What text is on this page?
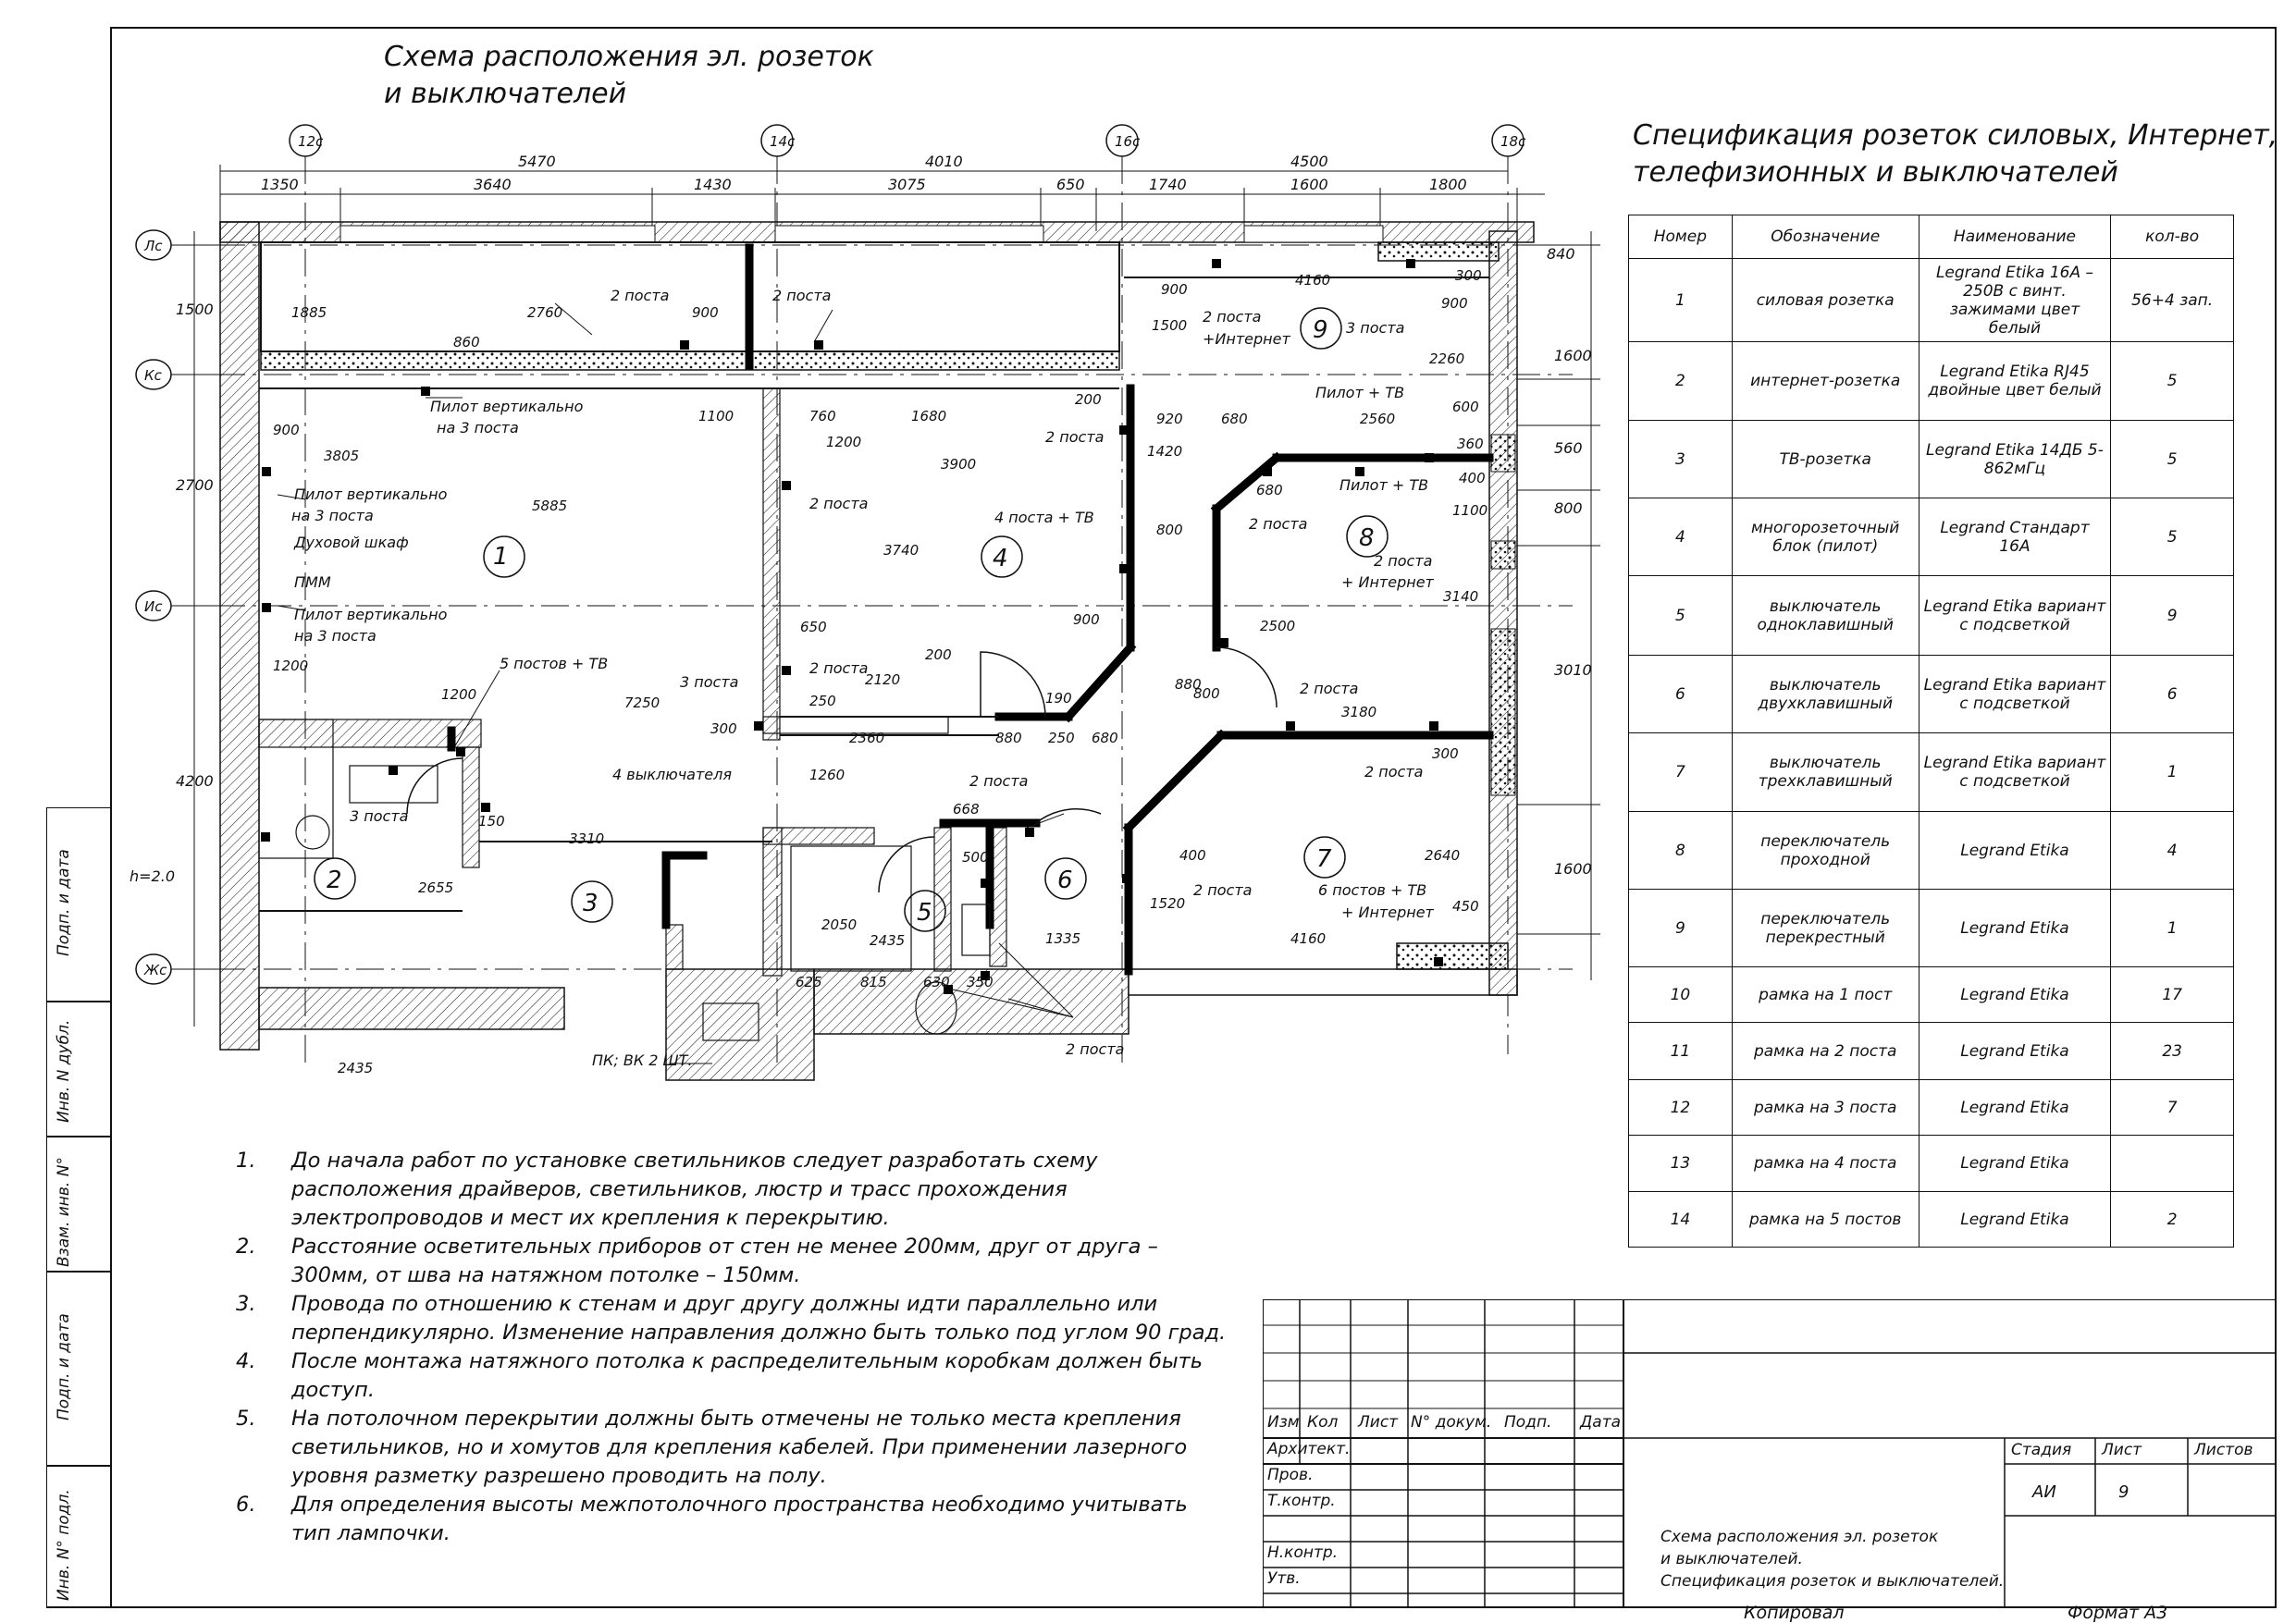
12с	14с	16с	18с
Лс
Кс
Ис
Жс
5470	4010	4500
1350	3640	1430	3075	650	1740	1600	1800
1500
2700
4200
840
1600
560
800
3010
1600
1
2
3
4
5
6
7
8
9
2 поста	2 поста
2 поста
+Интернет
3 поста
Пилот вертикально
на 3 поста
Пилот вертикально
на 3 поста
Духовой шкаф
ПММ
Пилот вертикально
на 3 поста
5 постов + ТВ
3 поста
4 выключателя
3 поста
h=2.0
ПК; ВК 2 ШТ.
2 поста
2 поста
4 поста + ТВ
2 поста
Пилот + ТВ
Пилот + ТВ
2 поста
2 поста
+ Интернет
2 поста
2 поста
2 поста
2 поста	6 постов + ТВ
+ Интернет
2 поста
1885	2760
860
900
1100	760	1680
1200
3805	3900
900
5885
3740
1200
650
2120
200
250
2360	880 250 680
190
1260
300
7250
1200
150
3310
2655
2435
2050
2435
625	815	630 350
668
500
1335
1520
400
4160
2640
450
300
3180
800
880
2500
3140
1100
400
360
600
2560
680
920
800
1420
2260
4160	300
900
900
1500
680
200
900
Схема расположения эл. розеток
и выключателей
Спецификация розеток силовых, Интернет,
телефизионных и выключателей
Номер	Обозначение	Наименование	кол-во
1	силовая розетка	Legrand Etika 16A – 250B с винт. зажимами цвет белый	56+4 зап.
2	интернет-розетка	Legrand Etika RJ45 двойные цвет белый	5
3	ТВ-розетка	Legrand Etika 14ДБ 5-862мГц	5
4	многорозеточный блок (пилот)	Legrand Стандарт 16А	5
5	выключатель одноклавишный	Legrand Etika вариант с подсветкой	9
6	выключатель двухклавишный	Legrand Etika вариант с подсветкой	6
7	выключатель трехклавишный	Legrand Etika вариант с подсветкой	1
8	переключатель проходной	Legrand Etika	4
9	переключатель перекрестный	Legrand Etika	1
10	рамка на 1 пост	Legrand Etika	17
11	рамка на 2 поста	Legrand Etika	23
12	рамка на 3 поста	Legrand Etika	7
13	рамка на 4 поста	Legrand Etika	
14	рамка на 5 постов	Legrand Etika	2
1. До начала работ по установке светильников следует разработать схему
расположения драйверов, светильников, люстр и трасс прохождения
электропроводов и мест их крепления к перекрытию.
2. Расстояние осветительных приборов от стен не менее 200мм, друг от друга –
300мм, от шва на натяжном потолке – 150мм.
3. Провода по отношению к стенам и друг другу должны идти параллельно или
перпендикулярно. Изменение направления должно быть только под углом 90 град.
4. После монтажа натяжного потолка к распределительным коробкам должен быть
доступ.
5. На потолочном перекрытии должны быть отмечены не только места крепления
светильников, но и хомутов для крепления кабелей. При применении лазерного
уровня разметку разрешено проводить на полу.
6. Для определения высоты межпотолочного пространства необходимо учитывать
тип лампочки.
Изм Кол Лист N° докум. Подп. Дата
Архитект.
Пров.
Т.контр.
Н.контр.
Утв.
Стадия Лист	Листов
АИ	9
Схема расположения эл. розеток
и выключателей.
Спецификация розеток и выключателей.
Копировал	Формат А3
Подп. и дата
Инв. N дубл.
Взам. инв. N°
Подп. и дата
Инв. N° подл.
